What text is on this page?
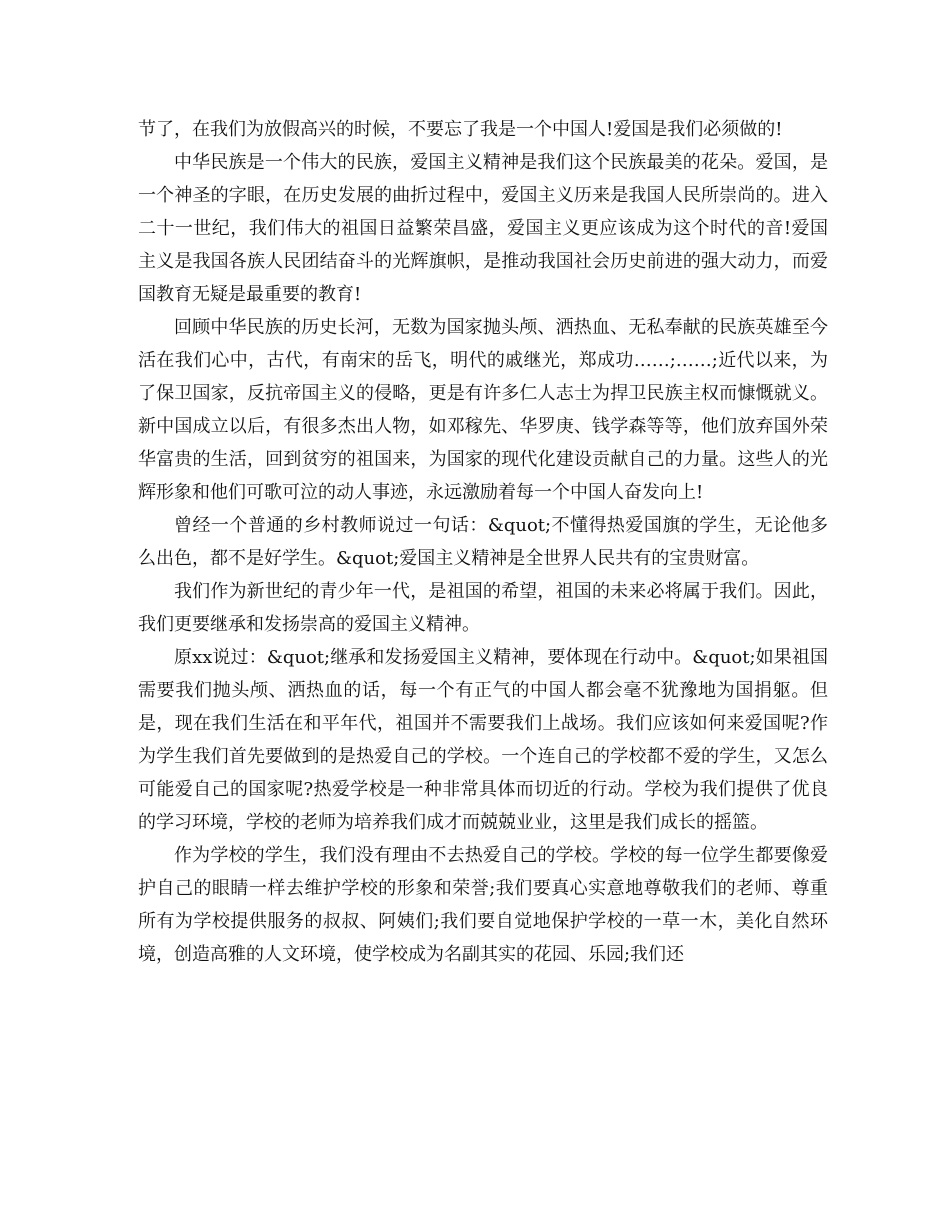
节了，在我们为放假高兴的时候，不要忘了我是一个中国人!爱国是我们必须做的!

中华民族是一个伟大的民族，爱国主义精神是我们这个民族最美的花朵。爱国，是一个神圣的字眼，在历史发展的曲折过程中，爱国主义历来是我国人民所崇尚的。进入二十一世纪，我们伟大的祖国日益繁荣昌盛，爱国主义更应该成为这个时代的音!爱国主义是我国各族人民团结奋斗的光辉旗帜，是推动我国社会历史前进的强大动力，而爱国教育无疑是最重要的教育!

回顾中华民族的历史长河，无数为国家抛头颅、洒热血、无私奉献的民族英雄至今活在我们心中，古代，有南宋的岳飞，明代的戚继光，郑成功……;……;近代以来，为了保卫国家，反抗帝国主义的侵略，更是有许多仁人志士为捍卫民族主权而慷慨就义。新中国成立以后，有很多杰出人物，如邓稼先、华罗庚、钱学森等等，他们放弃国外荣华富贵的生活，回到贫穷的祖国来，为国家的现代化建设贡献自己的力量。这些人的光辉形象和他们可歌可泣的动人事迹，永远激励着每一个中国人奋发向上!

曾经一个普通的乡村教师说过一句话：&quot;不懂得热爱国旗的学生，无论他多么出色，都不是好学生。&quot;爱国主义精神是全世界人民共有的宝贵财富。

我们作为新世纪的青少年一代，是祖国的希望，祖国的未来必将属于我们。因此，我们更要继承和发扬崇高的爱国主义精神。

原xx说过：&quot;继承和发扬爱国主义精神，要体现在行动中。&quot;如果祖国需要我们抛头颅、洒热血的话，每一个有正气的中国人都会毫不犹豫地为国捐躯。但是，现在我们生活在和平年代，祖国并不需要我们上战场。我们应该如何来爱国呢?作为学生我们首先要做到的是热爱自己的学校。一个连自己的学校都不爱的学生，又怎么可能爱自己的国家呢?热爱学校是一种非常具体而切近的行动。学校为我们提供了优良的学习环境，学校的老师为培养我们成才而兢兢业业，这里是我们成长的摇篮。

作为学校的学生，我们没有理由不去热爱自己的学校。学校的每一位学生都要像爱护自己的眼睛一样去维护学校的形象和荣誉;我们要真心实意地尊敬我们的老师、尊重所有为学校提供服务的叔叔、阿姨们;我们要自觉地保护学校的一草一木，美化自然环境，创造高雅的人文环境，使学校成为名副其实的花园、乐园;我们还
